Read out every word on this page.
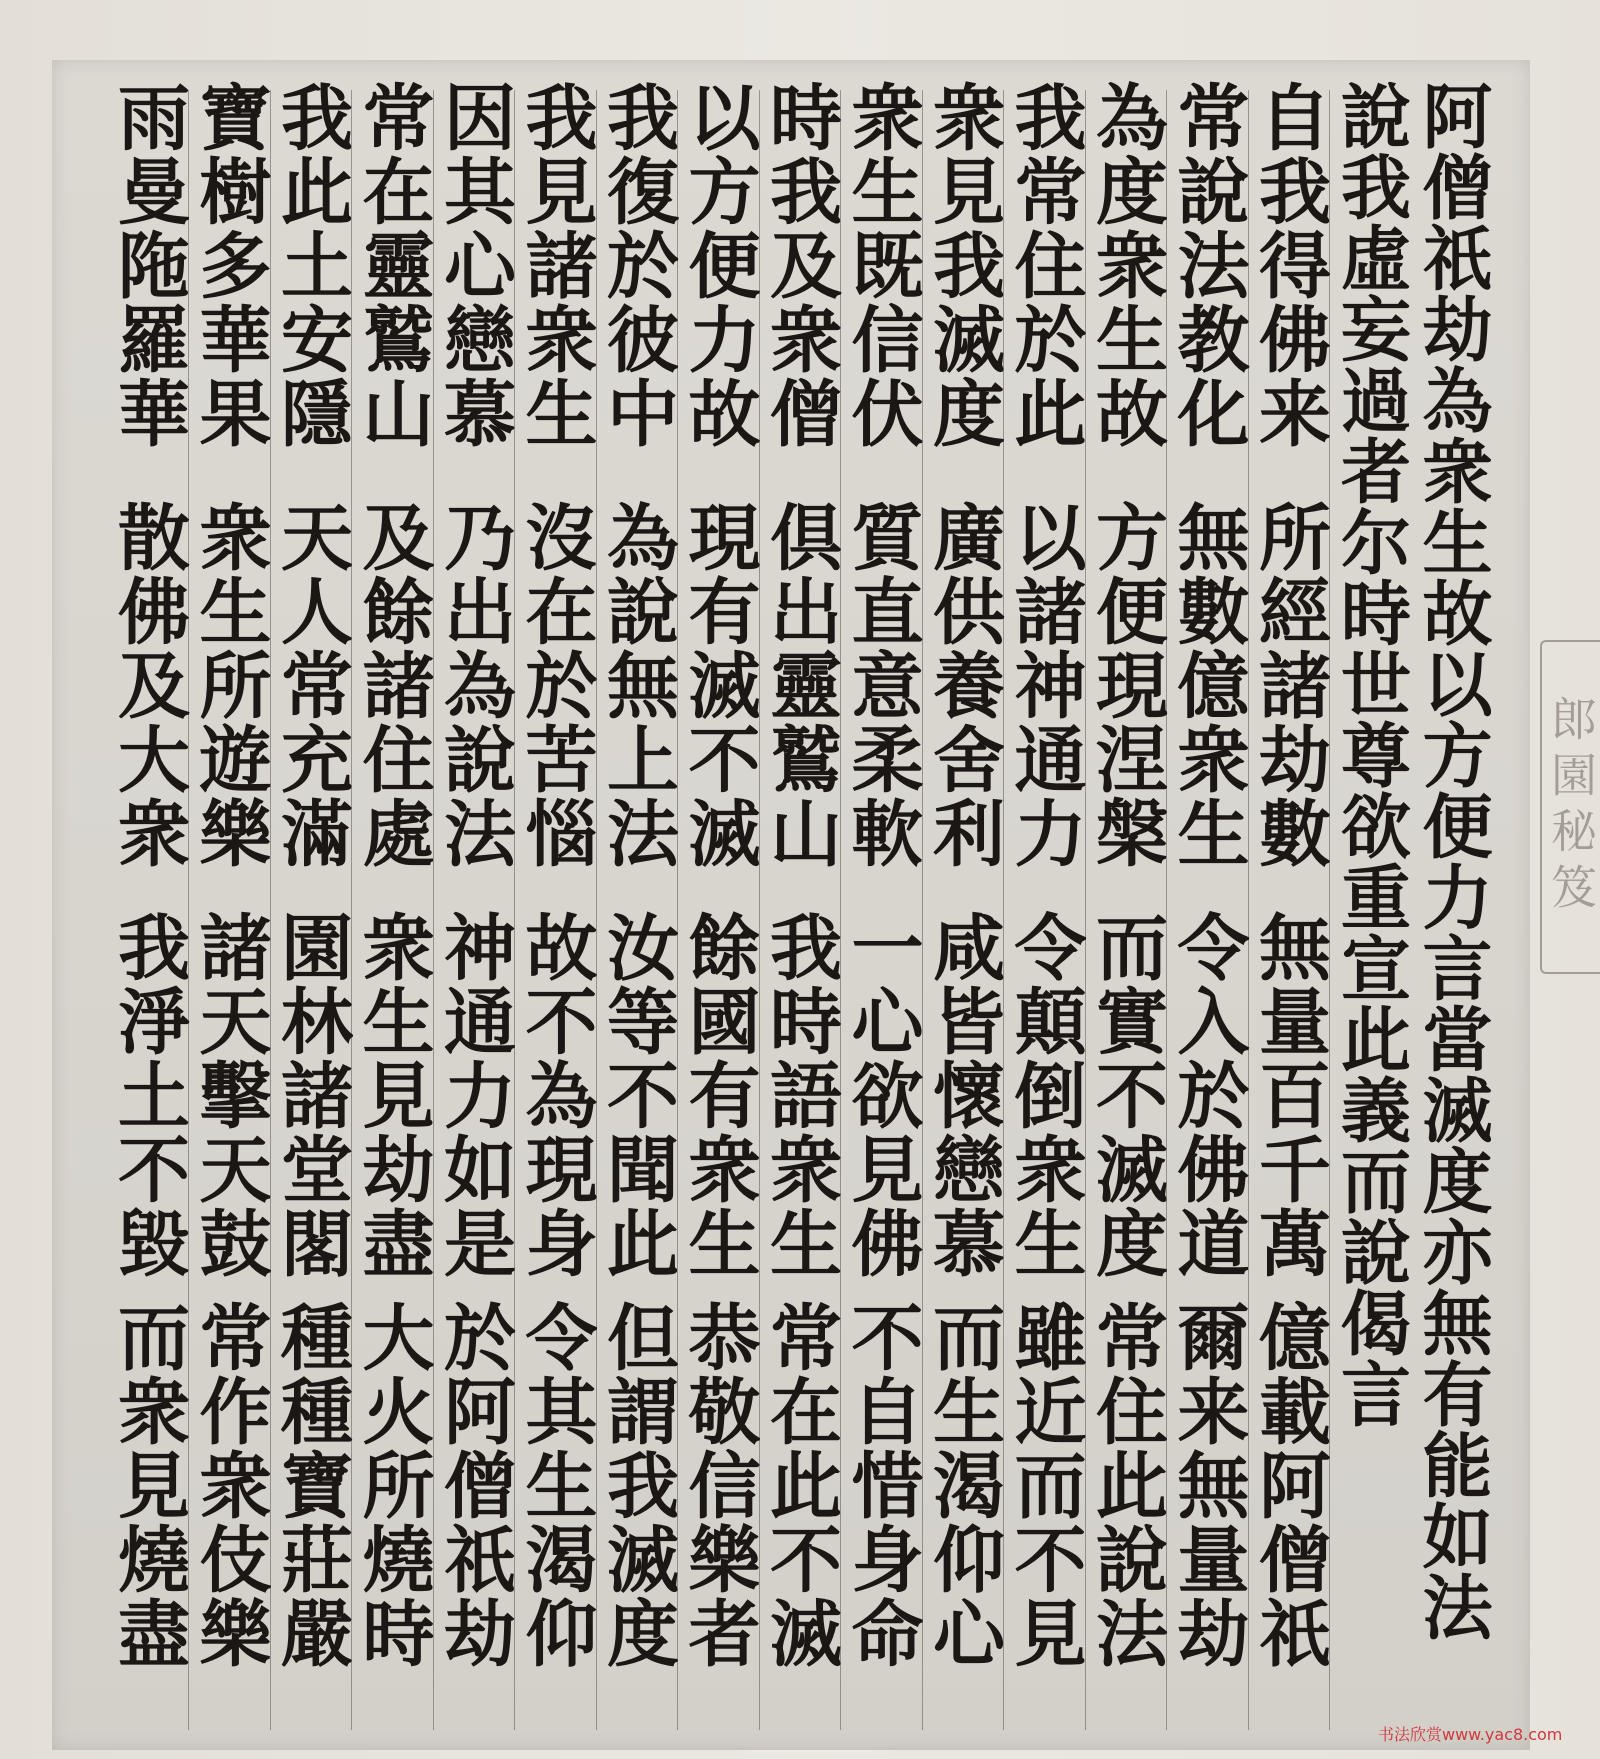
阿僧祇劫為衆生故以方便力言當滅度亦無有能如法
說我虛妄過者尔時世尊欲重宣此義而說偈言
自我得佛来
所經諸劫數
無量百千萬
億載阿僧祇
常說法教化
無數億衆生
令入於佛道
爾来無量劫
為度衆生故
方便現涅槃
而實不滅度
常住此說法
我常住於此
以諸神通力
令顛倒衆生
雖近而不見
衆見我滅度
廣供養舍利
咸皆懷戀慕
而生渴仰心
衆生既信伏
質直意柔軟
一心欲見佛
不自惜身命
時我及衆僧
倶出靈鷲山
我時語衆生
常在此不滅
以方便力故
現有滅不滅
餘國有衆生
恭敬信樂者
我復於彼中
為說無上法
汝等不聞此
但謂我滅度
我見諸衆生
沒在於苦惱
故不為現身
令其生渴仰
因其心戀慕
乃出為說法
神通力如是
於阿僧祇劫
常在靈鷲山
及餘諸住處
衆生見劫盡
大火所燒時
我此土安隱
天人常充滿
園林諸堂閣
種種寶莊嚴
寶樹多華果
衆生所遊樂
諸天擊天鼓
常作衆伎樂
雨曼陁羅華
散佛及大衆
我淨土不毀
而衆見燒盡
郎園秘笈
书法欣赏www.yac8.com
